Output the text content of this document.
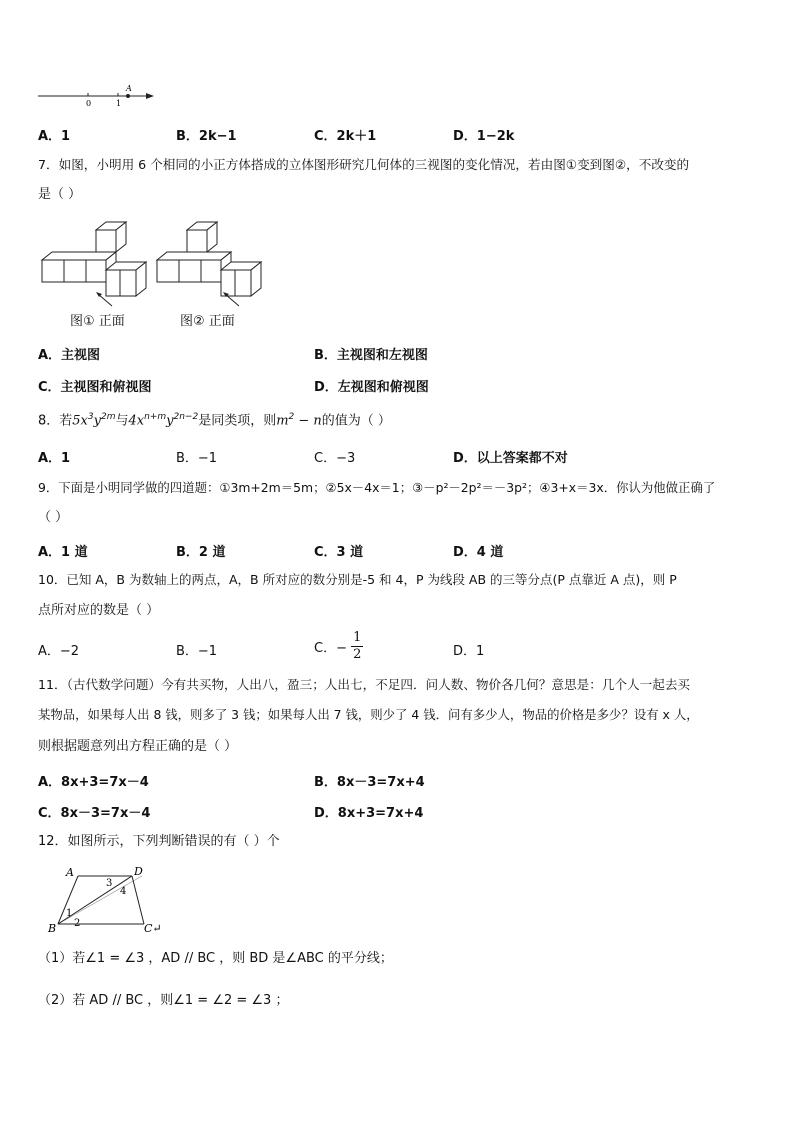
A
0	1
A．1	B．2k−1	C．2k＋1	D．1−2k
7．如图，小明用 6 个相同的小正方体搭成的立体图形研究几何体的三视图的变化情况，若由图①变到图②，不改变的
是（ ）
图① 正面	图② 正面
A．主视图	B．主视图和左视图
C．主视图和俯视图	D．左视图和俯视图
8．若$5x^3y^{2m}$与$4x^{n+m}y^{2n-2}$是同类项，则$m^2 - n$的值为（ ）
A．1	B．−1	C．−3	D．以上答案都不对
9．下面是小明同学做的四道题：①3m+2m＝5m；②5x－4x＝1；③－p²－2p²＝－3p²；④3+x＝3x．你认为他做正确了
（ ）
A．1 道	B．2 道	C．3 道	D．4 道
10．已知 A，B 为数轴上的两点，A，B 所对应的数分别是-5 和 4，P 为线段 AB 的三等分点(P 点靠近 A 点)，则 P
点所对应的数是（ ）
A．−2	B．−1	C．− $\frac{1}{2}$	D．1
11．（古代数学问题）今有共买物，人出八，盈三；人出七，不足四．问人数、物价各几何？意思是：几个人一起去买
某物品，如果每人出 8 钱，则多了 3 钱；如果每人出 7 钱，则少了 4 钱．问有多少人，物品的价格是多少？设有 x 人，
则根据题意列出方程正确的是（ ）
A．8x+3=7x－4	B．8x－3=7x+4
C．8x－3=7x－4	D．8x+3=7x+4
12．如图所示，下列判断错误的有（ ）个
A	D
B	C↵
1
2
3
4
（1）若∠1 = ∠3 ，AD // BC ，则 BD 是∠ABC 的平分线；
（2）若 AD // BC ，则∠1 = ∠2 = ∠3 ；
